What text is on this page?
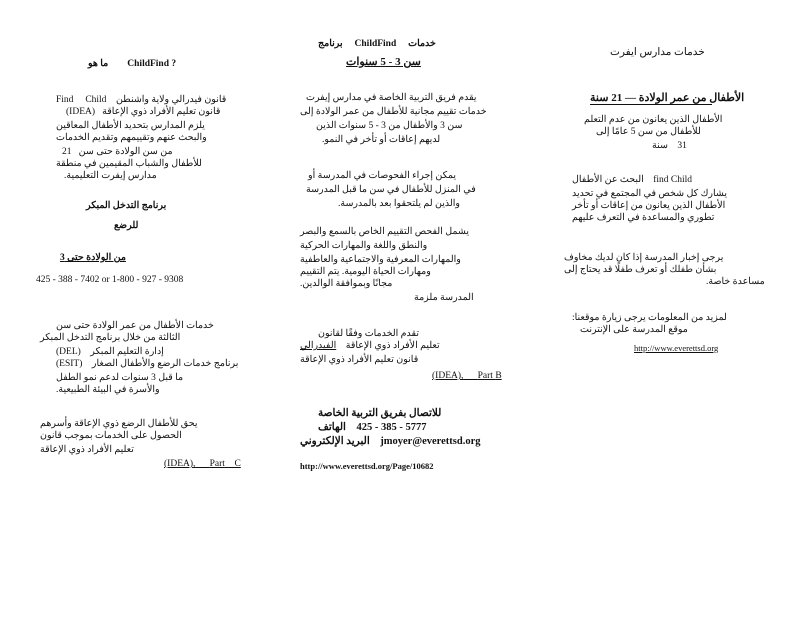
خدمات مدارس ايفرت
الأطفال من عمر الولادة — 21 سنة
الأطفال الذين يعانون من عدم التعلم
للأطفال من سن 5 عامًا إلى
31    سنة
Child find    البحث عن الأطفال
يشارك كل شخص في المجتمع في تحديد
الأطفال الذين يعانون من إعاقات أو تأخر
تطوري والمساعدة في التعرف عليهم
يرجى إخبار المدرسة إذا كان لديك مخاوف
بشأن طفلك أو تعرف طفلًا قد يحتاج إلى
مساعدة خاصة.
لمزيد من المعلومات يرجى زيارة موقعنا:
موقع المدرسة على الإنترنت
http://www.everettsd.org
خدمات     ChildFind     برنامج
سن 3 - 5 سنوات
يقدم فريق التربية الخاصة في مدارس إيفرت
خدمات تقييم مجانية للأطفال من عمر الولادة إلى
سن 3 والأطفال من 3 - 5 سنوات الذين
لديهم إعاقات أو تأخر في النمو.
يمكن إجراء الفحوصات في المدرسة أو
في المنزل للأطفال في سن ما قبل المدرسة
والذين لم يلتحقوا بعد بالمدرسة.
يشمل الفحص التقييم الخاص بالسمع والبصر
والنطق واللغة والمهارات الحركية
والمهارات المعرفية والاجتماعية والعاطفية
ومهارات الحياة اليومية. يتم التقييم
مجانًا وبموافقة الوالدين.
المدرسة ملزمة
تقدم الخدمات وفقًا لقانون
تعليم الأفراد ذوي الإعاقة    الفيدرالي
قانون تعليم الأفراد ذوي الإعاقة
(IDEA), Part B
للاتصال بفريق التربية الخاصة
425 - 385 - 5777    الهاتف
jmoyer@everettsd.org    البريد الإلكتروني
http://www.everettsd.org/Page/10682
ChildFind ?        ما هو
قانون فيدرالي ولاية واشنطن    Child     Find
قانون تعليم الأفراد ذوي الإعاقة   (IDEA)
يلزم المدارس بتحديد الأطفال المعاقين
والبحث عنهم وتقييمهم وتقديم الخدمات
من سن الولادة حتى سن   21
للأطفال والشباب المقيمين في منطقة
مدارس إيفرت التعليمية.
برنامج التدخل المبكر
للرضع
من الولادة حتى 3
425 - 388 - 7402 or 1-800 - 927 - 9308
خدمات الأطفال من عمر الولادة حتى سن
الثالثة من خلال برنامج التدخل المبكر
إدارة التعليم المبكر    (DEL)
برنامج خدمات الرضع والأطفال الصغار    (ESIT)
ما قبل 3 سنوات لدعم نمو الطفل
والأسرة في البيئة الطبيعية.
يحق للأطفال الرضع ذوي الإعاقة وأسرهم
الحصول على الخدمات بموجب قانون
تعليم الأفراد ذوي الإعاقة
(IDEA), Part C
